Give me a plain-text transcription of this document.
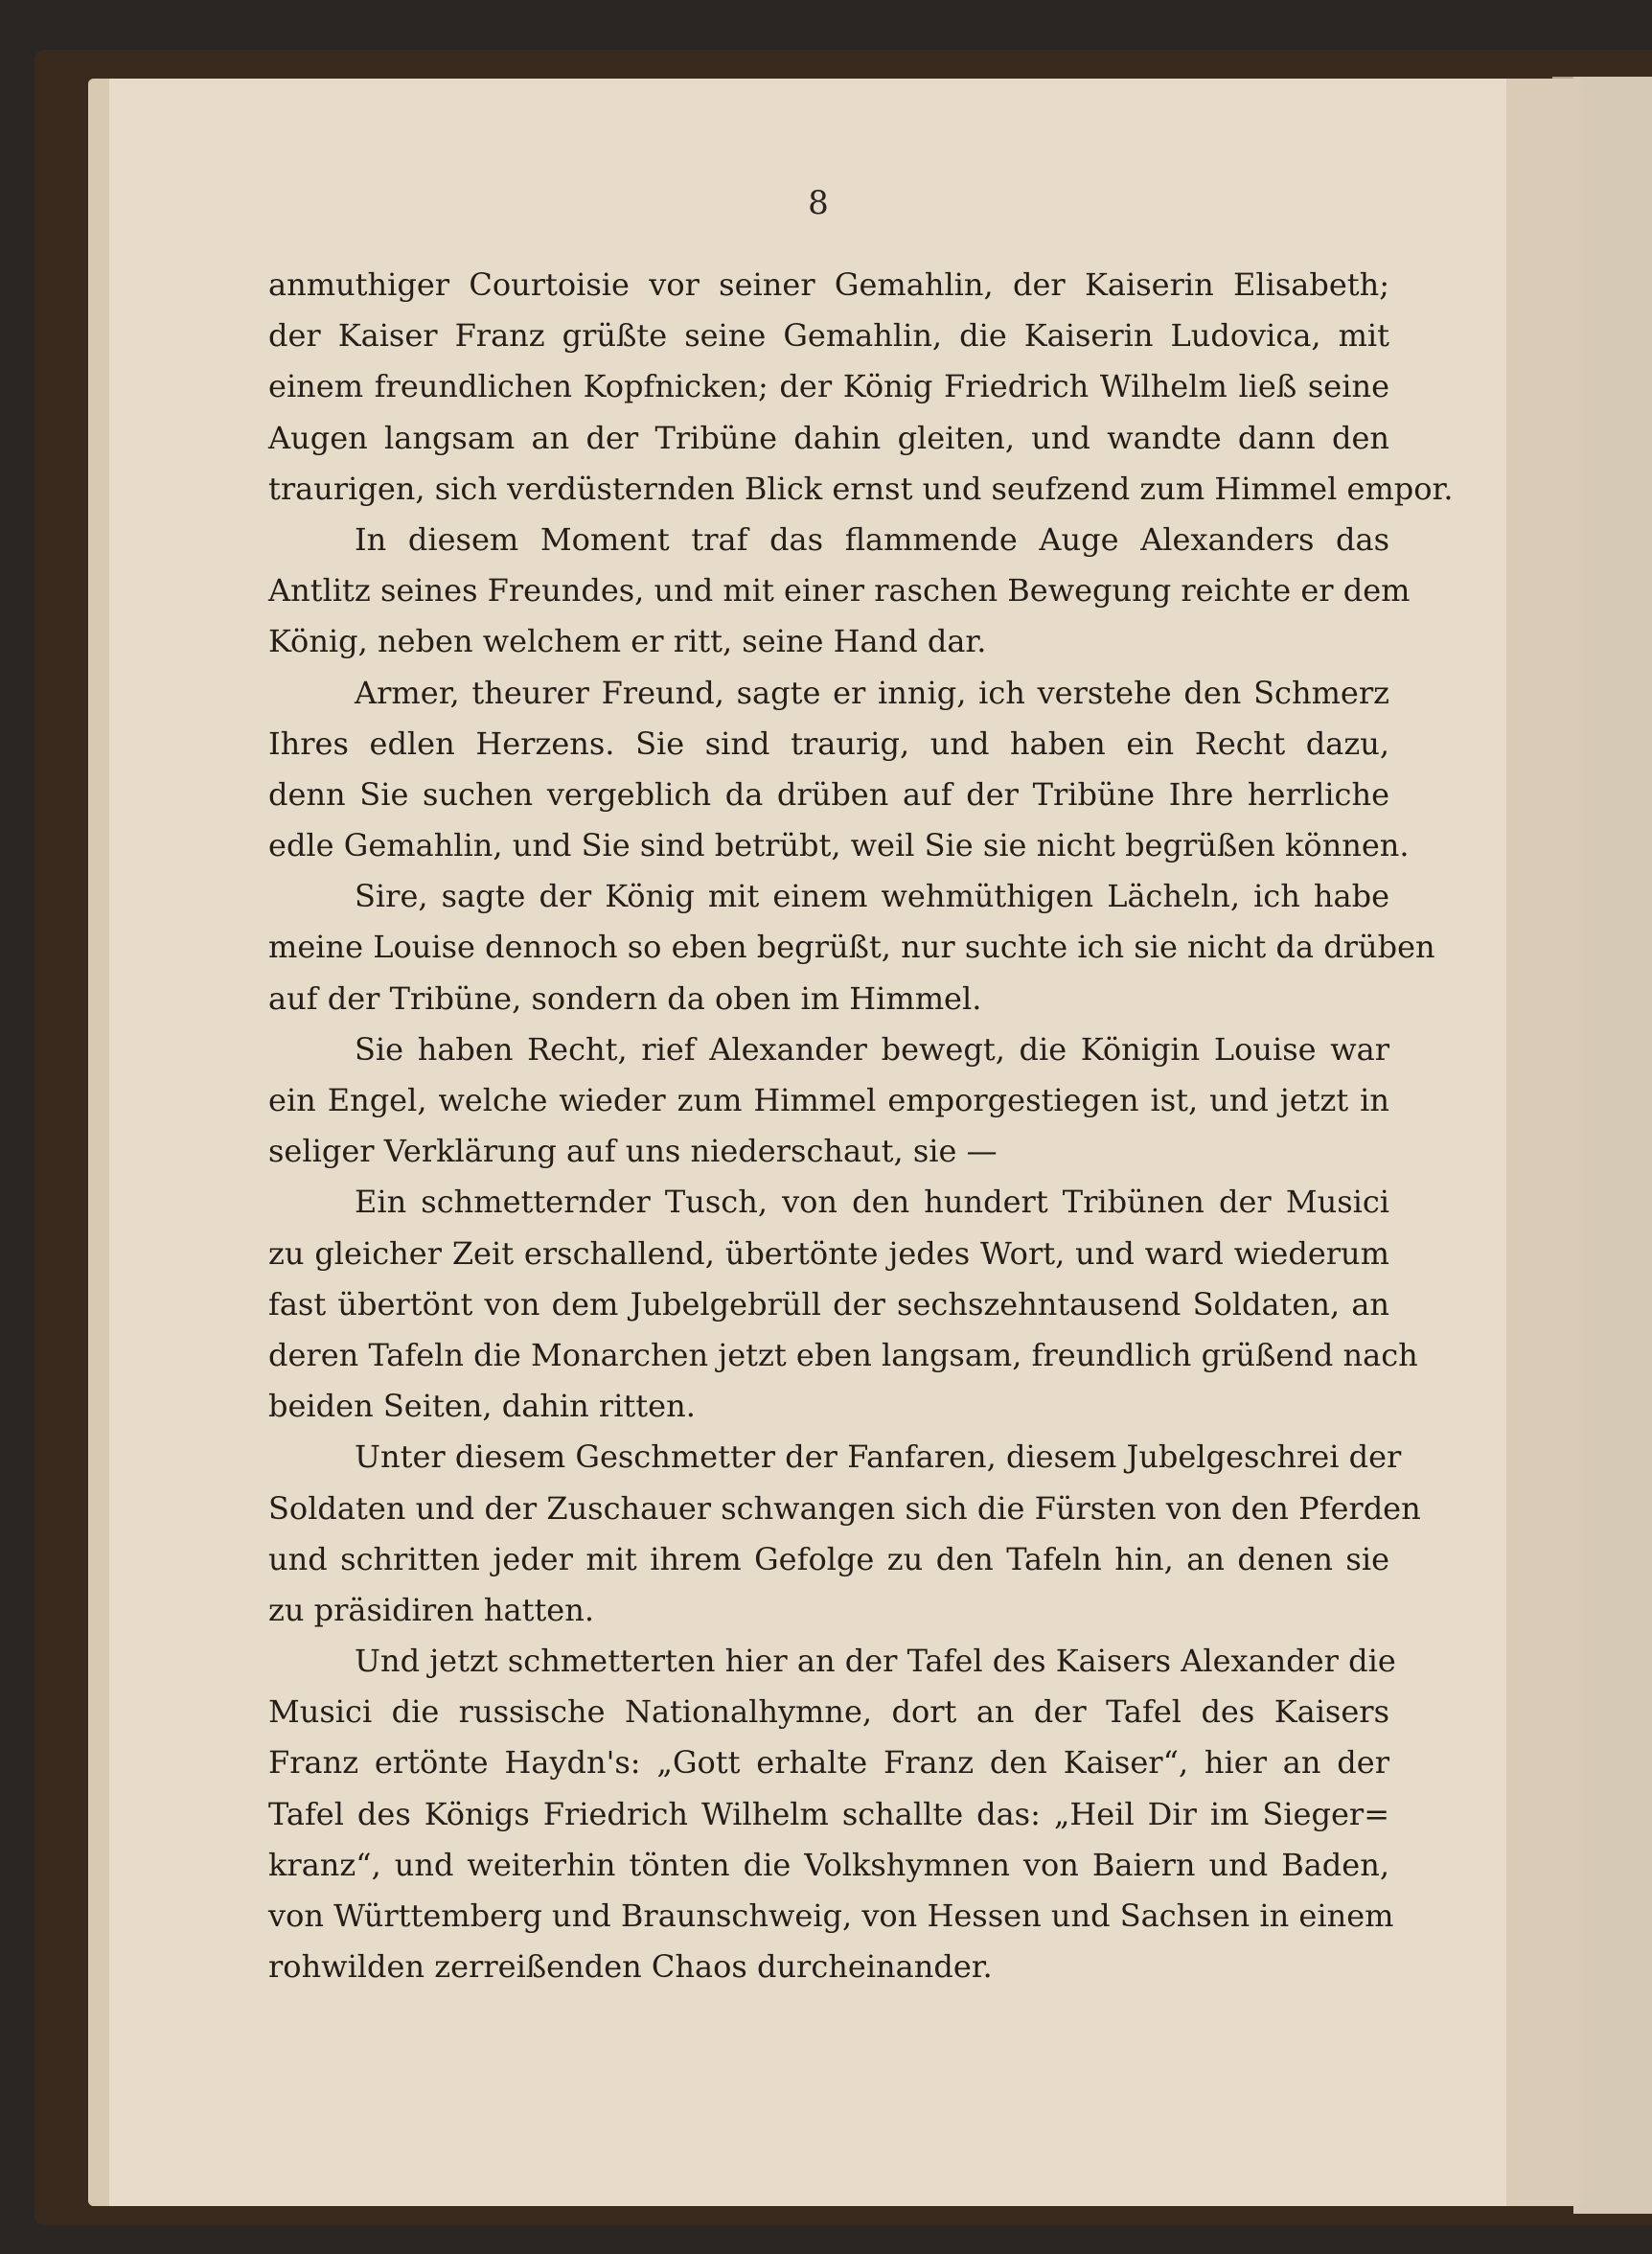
8
anmuthiger Courtoisie vor seiner Gemahlin, der Kaiserin Elisabeth;
der Kaiser Franz grüßte seine Gemahlin, die Kaiserin Ludovica, mit
einem freundlichen Kopfnicken; der König Friedrich Wilhelm ließ seine
Augen langsam an der Tribüne dahin gleiten, und wandte dann den
traurigen, sich verdüsternden Blick ernst und seufzend zum Himmel empor.
In diesem Moment traf das flammende Auge Alexanders das
Antlitz seines Freundes, und mit einer raschen Bewegung reichte er dem
König, neben welchem er ritt, seine Hand dar.
Armer, theurer Freund, sagte er innig, ich verstehe den Schmerz
Ihres edlen Herzens. Sie sind traurig, und haben ein Recht dazu,
denn Sie suchen vergeblich da drüben auf der Tribüne Ihre herrliche
edle Gemahlin, und Sie sind betrübt, weil Sie sie nicht begrüßen können.
Sire, sagte der König mit einem wehmüthigen Lächeln, ich habe
meine Louise dennoch so eben begrüßt, nur suchte ich sie nicht da drüben
auf der Tribüne, sondern da oben im Himmel.
Sie haben Recht, rief Alexander bewegt, die Königin Louise war
ein Engel, welche wieder zum Himmel emporgestiegen ist, und jetzt in
seliger Verklärung auf uns niederschaut, sie —
Ein schmetternder Tusch, von den hundert Tribünen der Musici
zu gleicher Zeit erschallend, übertönte jedes Wort, und ward wiederum
fast übertönt von dem Jubelgebrüll der sechszehntausend Soldaten, an
deren Tafeln die Monarchen jetzt eben langsam, freundlich grüßend nach
beiden Seiten, dahin ritten.
Unter diesem Geschmetter der Fanfaren, diesem Jubelgeschrei der
Soldaten und der Zuschauer schwangen sich die Fürsten von den Pferden
und schritten jeder mit ihrem Gefolge zu den Tafeln hin, an denen sie
zu präsidiren hatten.
Und jetzt schmetterten hier an der Tafel des Kaisers Alexander die
Musici die russische Nationalhymne, dort an der Tafel des Kaisers
Franz ertönte Haydn's: „Gott erhalte Franz den Kaiser“, hier an der
Tafel des Königs Friedrich Wilhelm schallte das: „Heil Dir im Sieger=
kranz“, und weiterhin tönten die Volkshymnen von Baiern und Baden,
von Württemberg und Braunschweig, von Hessen und Sachsen in einem
rohwilden zerreißenden Chaos durcheinander.
